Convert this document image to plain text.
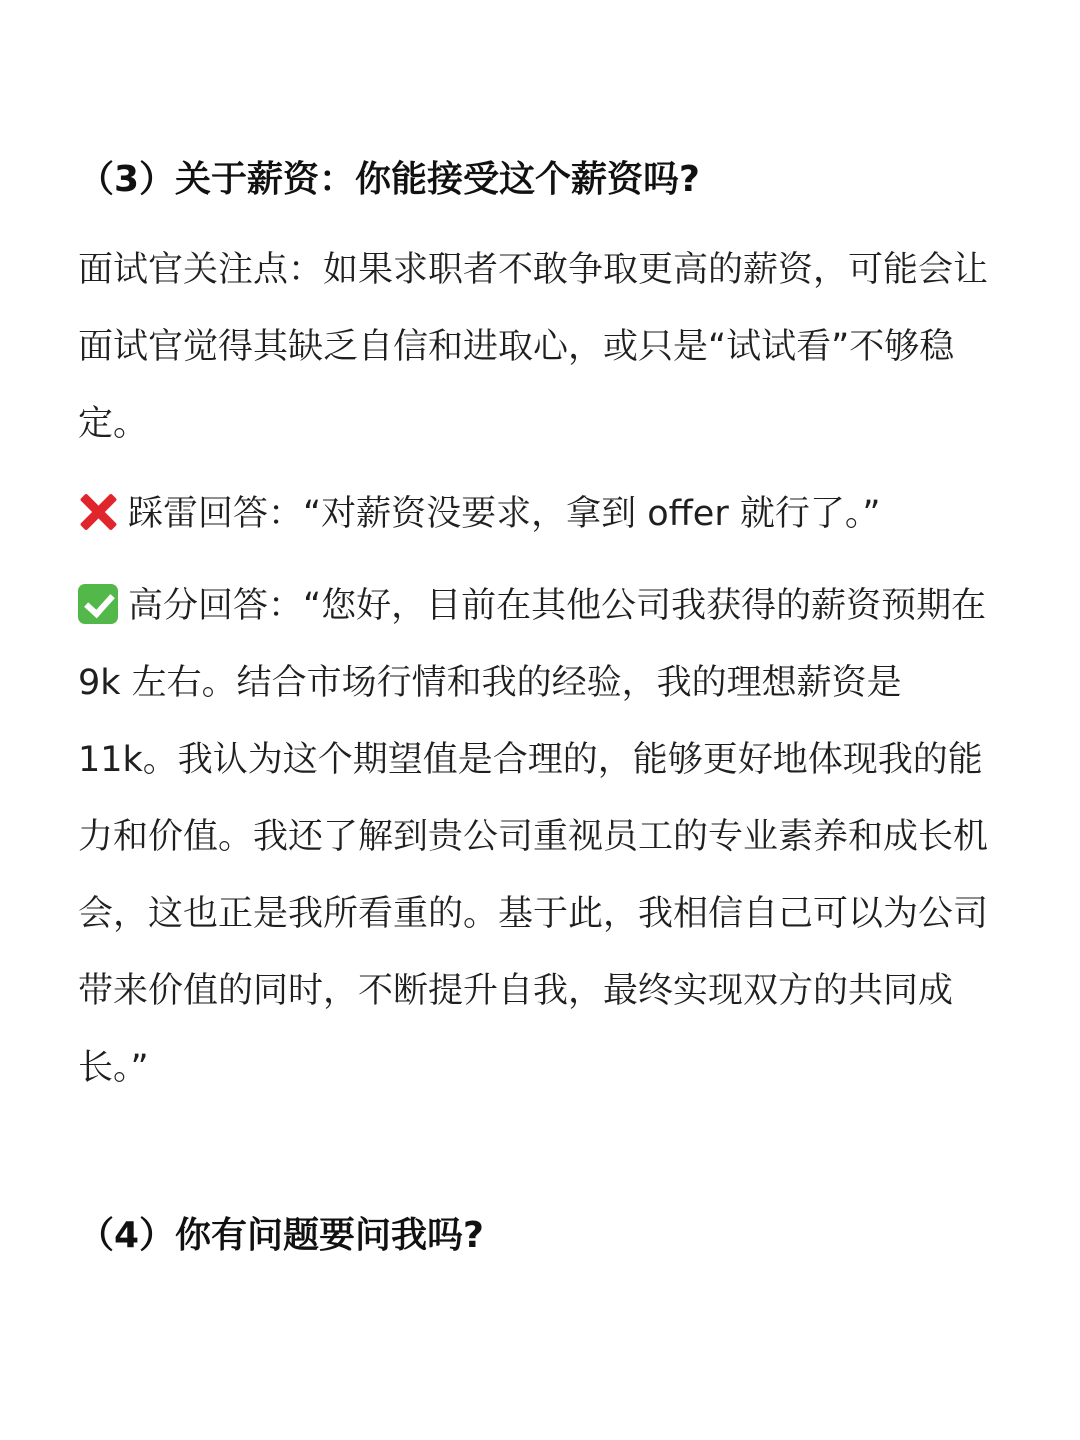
（3）关于薪资：你能接受这个薪资吗?

面试官关注点：如果求职者不敢争取更高的薪资，可能会让面试官觉得其缺乏自信和进取心，或只是“试试看”不够稳定。

踩雷回答：“对薪资没要求，拿到 offer 就行了。”

高分回答：“您好，目前在其他公司我获得的薪资预期在 9k 左右。结合市场行情和我的经验，我的理想薪资是 11k。我认为这个期望值是合理的，能够更好地体现我的能力和价值。我还了解到贵公司重视员工的专业素养和成长机会，这也正是我所看重的。基于此，我相信自己可以为公司带来价值的同时，不断提升自我，最终实现双方的共同成长。”

（4）你有问题要问我吗?
